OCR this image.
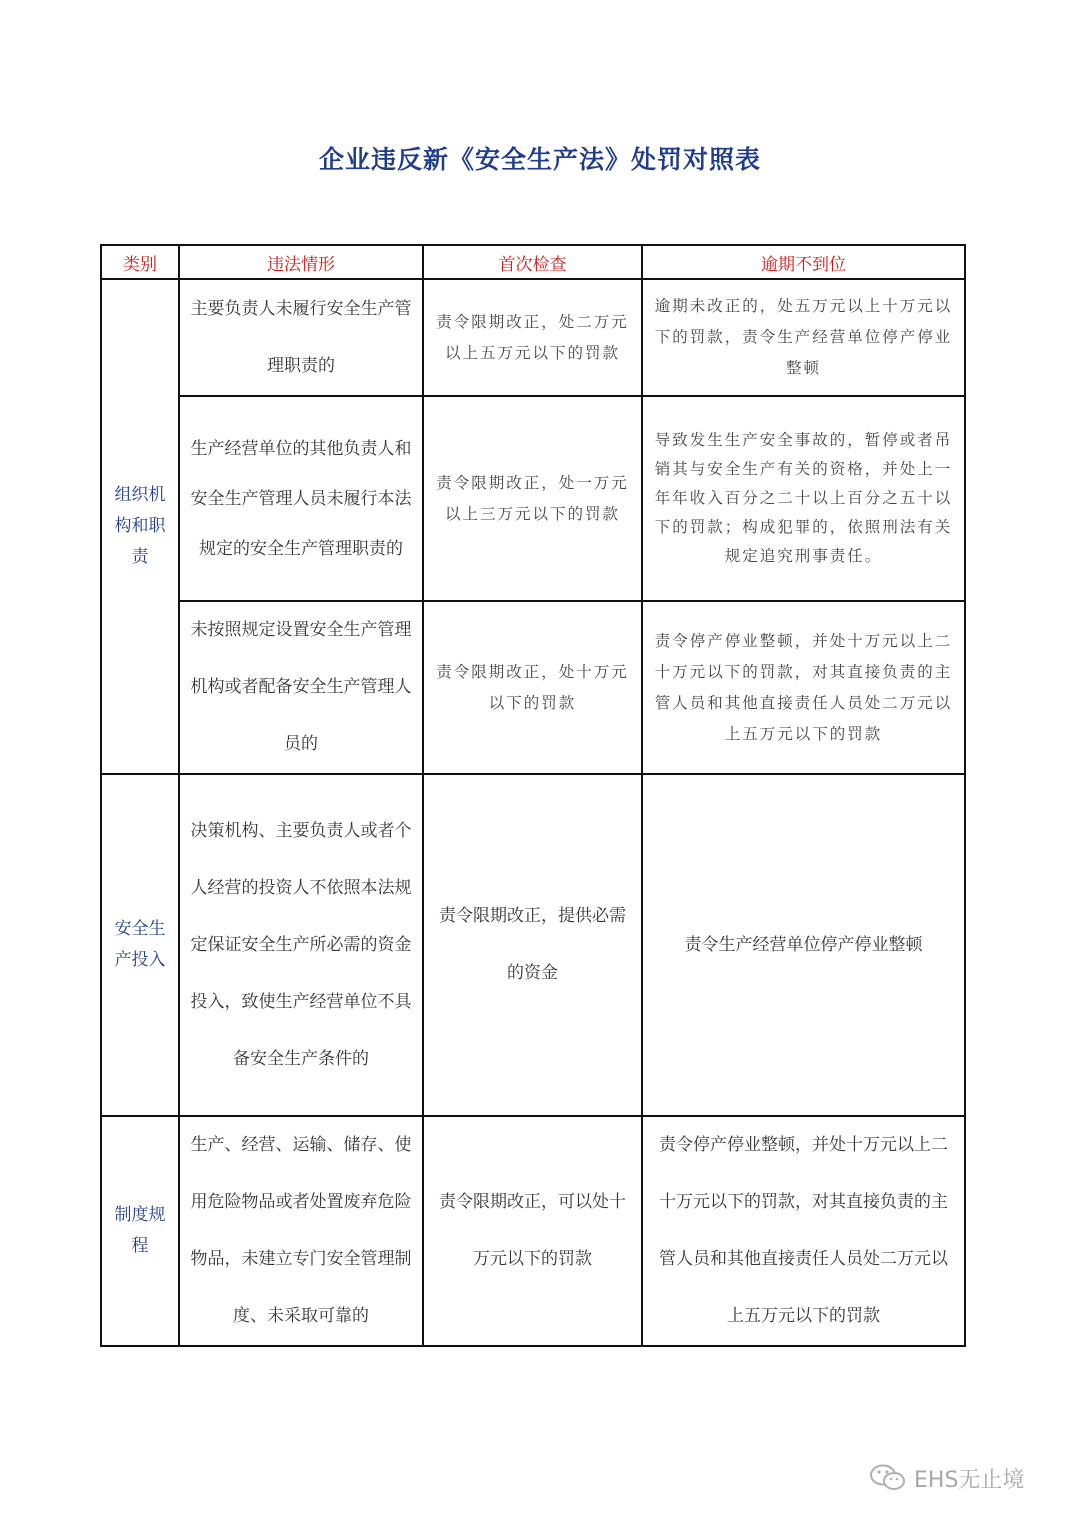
企业违反新《安全生产法》处罚对照表
类别	违法情形	首次检查	逾期不到位
组织机构和职责	主要负责人未履行安全生产管理职责的	责令限期改正，处二万元以上五万元以下的罚款	逾期未改正的，处五万元以上十万元以下的罚款，责令生产经营单位停产停业整顿
	生产经营单位的其他负责人和安全生产管理人员未履行本法规定的安全生产管理职责的	责令限期改正，处一万元以上三万元以下的罚款	导致发生生产安全事故的，暂停或者吊销其与安全生产有关的资格，并处上一年年收入百分之二十以上百分之五十以下的罚款；构成犯罪的，依照刑法有关规定追究刑事责任。
	未按照规定设置安全生产管理机构或者配备安全生产管理人员的	责令限期改正，处十万元以下的罚款	责令停产停业整顿，并处十万元以上二十万元以下的罚款，对其直接负责的主管人员和其他直接责任人员处二万元以上五万元以下的罚款
安全生产投入	决策机构、主要负责人或者个人经营的投资人不依照本法规定保证安全生产所必需的资金投入，致使生产经营单位不具备安全生产条件的	责令限期改正，提供必需的资金	责令生产经营单位停产停业整顿
制度规程	生产、经营、运输、储存、使用危险物品或者处置废弃危险物品，未建立专门安全管理制度、未采取可靠的	责令限期改正，可以处十万元以下的罚款	责令停产停业整顿，并处十万元以上二十万元以下的罚款，对其直接负责的主管人员和其他直接责任人员处二万元以上五万元以下的罚款
EHS无止境
